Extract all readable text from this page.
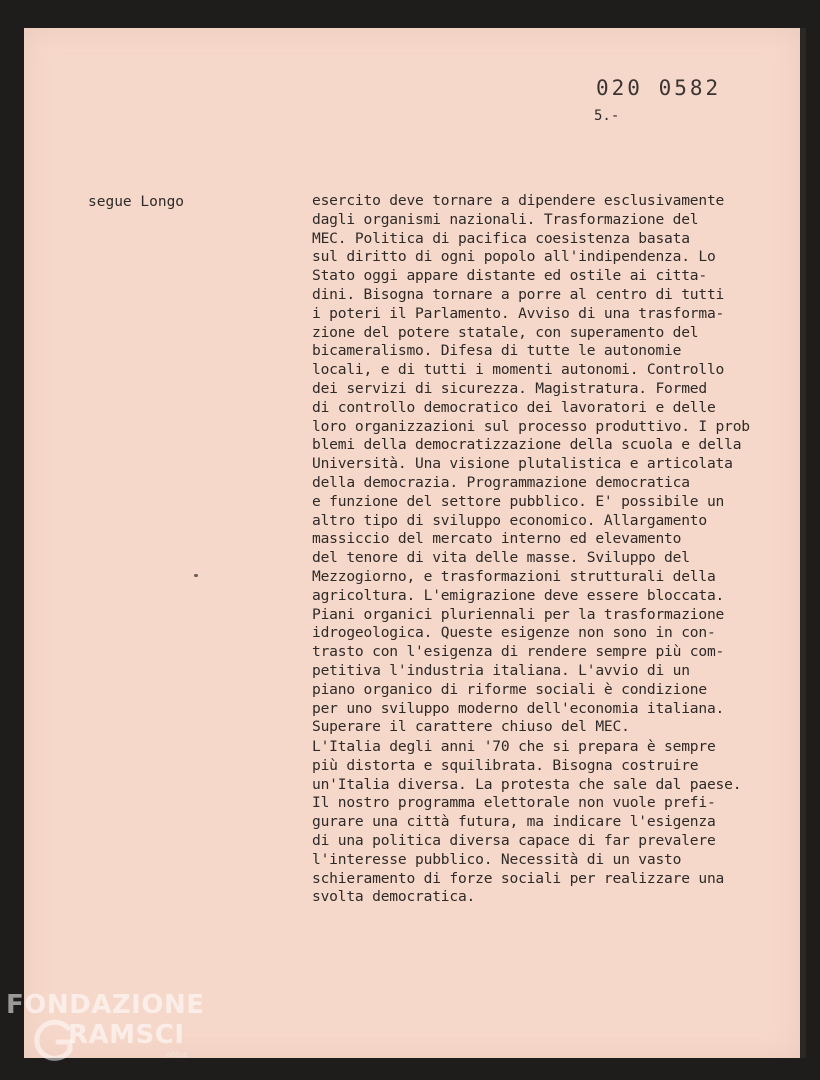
020 0582
5.-
segue Longo	esercito deve tornare a dipendere esclusivamente
dagli organismi nazionali. Trasformazione del
MEC. Politica di pacifica coesistenza basata
sul diritto di ogni popolo all'indipendenza. Lo
Stato oggi appare distante ed ostile ai citta-
dini. Bisogna tornare a porre al centro di tutti
i poteri il Parlamento. Avviso di una trasforma-
zione del potere statale, con superamento del
bicameralismo. Difesa di tutte le autonomie
locali, e di tutti i momenti autonomi. Controllo
dei servizi di sicurezza. Magistratura. Formed
di controllo democratico dei lavoratori e delle
loro organizzazioni sul processo produttivo. I prob
blemi della democratizzazione della scuola e della
Università. Una visione plutalistica e articolata
della democrazia. Programmazione democratica
e funzione del settore pubblico. E' possibile un
altro tipo di sviluppo economico. Allargamento
massiccio del mercato interno ed elevamento
del tenore di vita delle masse. Sviluppo del
Mezzogiorno, e trasformazioni strutturali della
agricoltura. L'emigrazione deve essere bloccata.
Piani organici pluriennali per la trasformazione
idrogeologica. Queste esigenze non sono in con-
trasto con l'esigenza di rendere sempre più com-
petitiva l'industria italiana. L'avvio di un
piano organico di riforme sociali è condizione
per uno sviluppo moderno dell'economia italiana.
Superare il carattere chiuso del MEC.
L'Italia degli anni '70 che si prepara è sempre
più distorta e squilibrata. Bisogna costruire
un'Italia diversa. La protesta che sale dal paese.
Il nostro programma elettorale non vuole prefi-
gurare una città futura, ma indicare l'esigenza
di una politica diversa capace di far prevalere
l'interesse pubblico. Necessità di un vasto
schieramento di forze sociali per realizzare una
svolta democratica.
FONDAZIONE
RAMSCI
onlus
